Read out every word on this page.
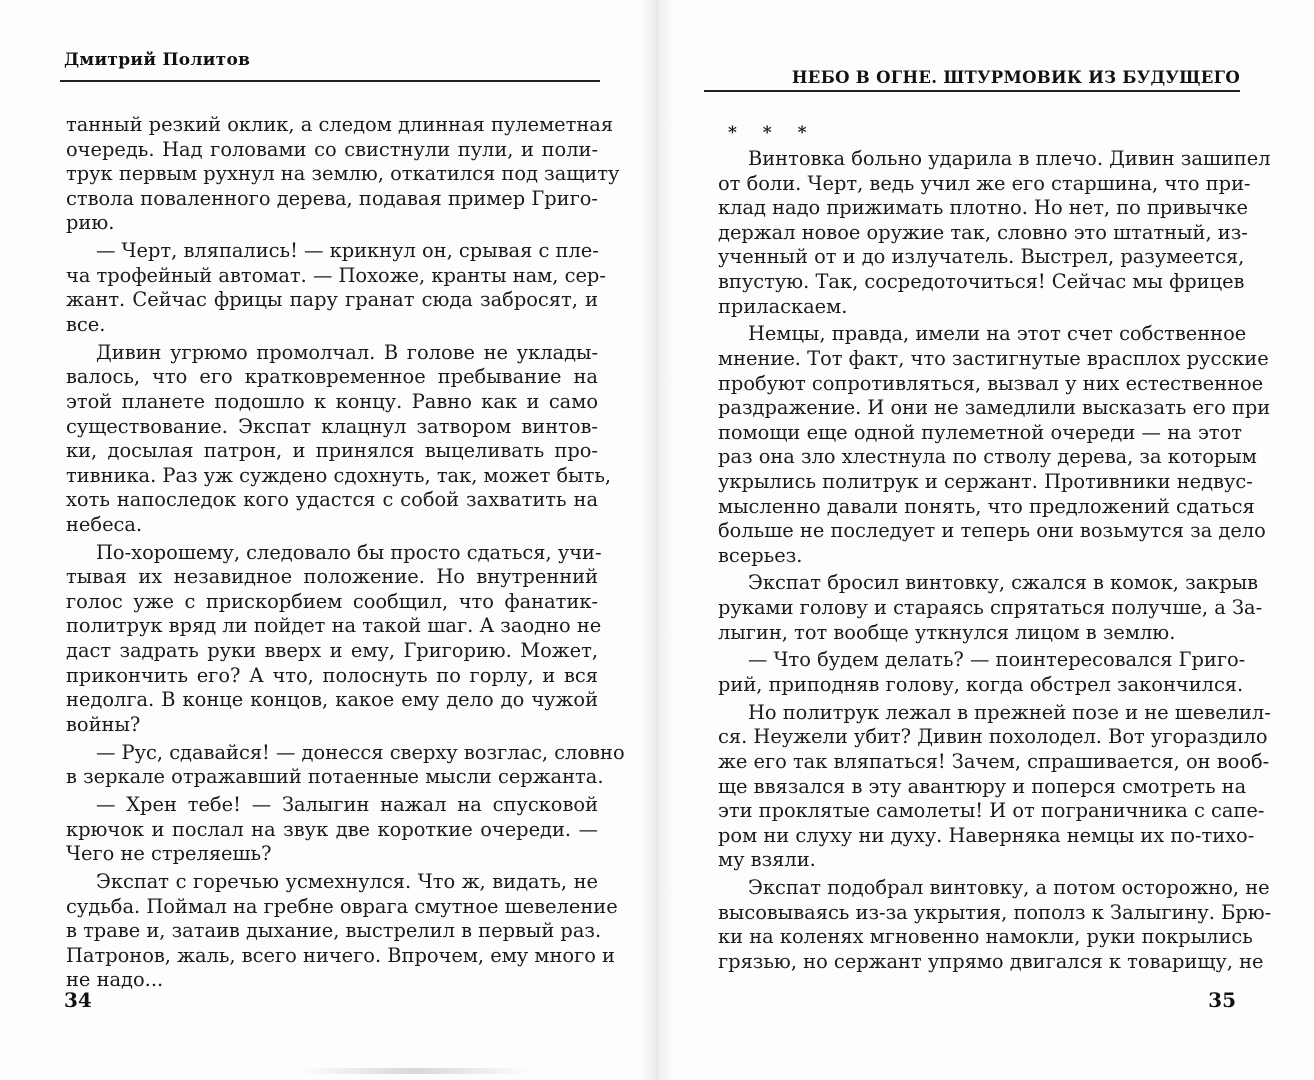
Дмитрий Политов
танный резкий оклик, а следом длинная пулеметная
очередь. Над головами со свистнули пули, и поли-
трук первым рухнул на землю, откатился под защиту
ствола поваленного дерева, подавая пример Григо-
рию.
— Черт, вляпались! — крикнул он, срывая с пле-
ча трофейный автомат. — Похоже, кранты нам, сер-
жант. Сейчас фрицы пару гранат сюда забросят, и
все.
Дивин угрюмо промолчал. В голове не уклады-
валось, что его кратковременное пребывание на
этой планете подошло к концу. Равно как и само
существование. Экспат клацнул затвором винтов-
ки, досылая патрон, и принялся выцеливать про-
тивника. Раз уж суждено сдохнуть, так, может быть,
хоть напоследок кого удастся с собой захватить на
небеса.
По-хорошему, следовало бы просто сдаться, учи-
тывая их незавидное положение. Но внутренний
голос уже с прискорбием сообщил, что фанатик-
политрук вряд ли пойдет на такой шаг. А заодно не
даст задрать руки вверх и ему, Григорию. Может,
прикончить его? А что, полоснуть по горлу, и вся
недолга. В конце концов, какое ему дело до чужой
войны?
— Рус, сдавайся! — донесся сверху возглас, словно
в зеркале отражавший потаенные мысли сержанта.
— Хрен тебе! — Залыгин нажал на спусковой
крючок и послал на звук две короткие очереди. —
Чего не стреляешь?
Экспат с горечью усмехнулся. Что ж, видать, не
судьба. Поймал на гребне оврага смутное шевеление
в траве и, затаив дыхание, выстрелил в первый раз.
Патронов, жаль, всего ничего. Впрочем, ему много и
не надо...
34
НЕБО В ОГНЕ. ШТУРМОВИК ИЗ БУДУЩЕГО
* * *
Винтовка больно ударила в плечо. Дивин зашипел
от боли. Черт, ведь учил же его старшина, что при-
клад надо прижимать плотно. Но нет, по привычке
держал новое оружие так, словно это штатный, из-
ученный от и до излучатель. Выстрел, разумеется,
впустую. Так, сосредоточиться! Сейчас мы фрицев
приласкаем.
Немцы, правда, имели на этот счет собственное
мнение. Тот факт, что застигнутые врасплох русские
пробуют сопротивляться, вызвал у них естественное
раздражение. И они не замедлили высказать его при
помощи еще одной пулеметной очереди — на этот
раз она зло хлестнула по стволу дерева, за которым
укрылись политрук и сержант. Противники недвус-
мысленно давали понять, что предложений сдаться
больше не последует и теперь они возьмутся за дело
всерьез.
Экспат бросил винтовку, сжался в комок, закрыв
руками голову и стараясь спрятаться получше, а За-
лыгин, тот вообще уткнулся лицом в землю.
— Что будем делать? — поинтересовался Григо-
рий, приподняв голову, когда обстрел закончился.
Но политрук лежал в прежней позе и не шевелил-
ся. Неужели убит? Дивин похолодел. Вот угораздило
же его так вляпаться! Зачем, спрашивается, он вооб-
ще ввязался в эту авантюру и поперся смотреть на
эти проклятые самолеты! И от пограничника с сапе-
ром ни слуху ни духу. Наверняка немцы их по-тихо-
му взяли.
Экспат подобрал винтовку, а потом осторожно, не
высовываясь из-за укрытия, пополз к Залыгину. Брю-
ки на коленях мгновенно намокли, руки покрылись
грязью, но сержант упрямо двигался к товарищу, не
35
